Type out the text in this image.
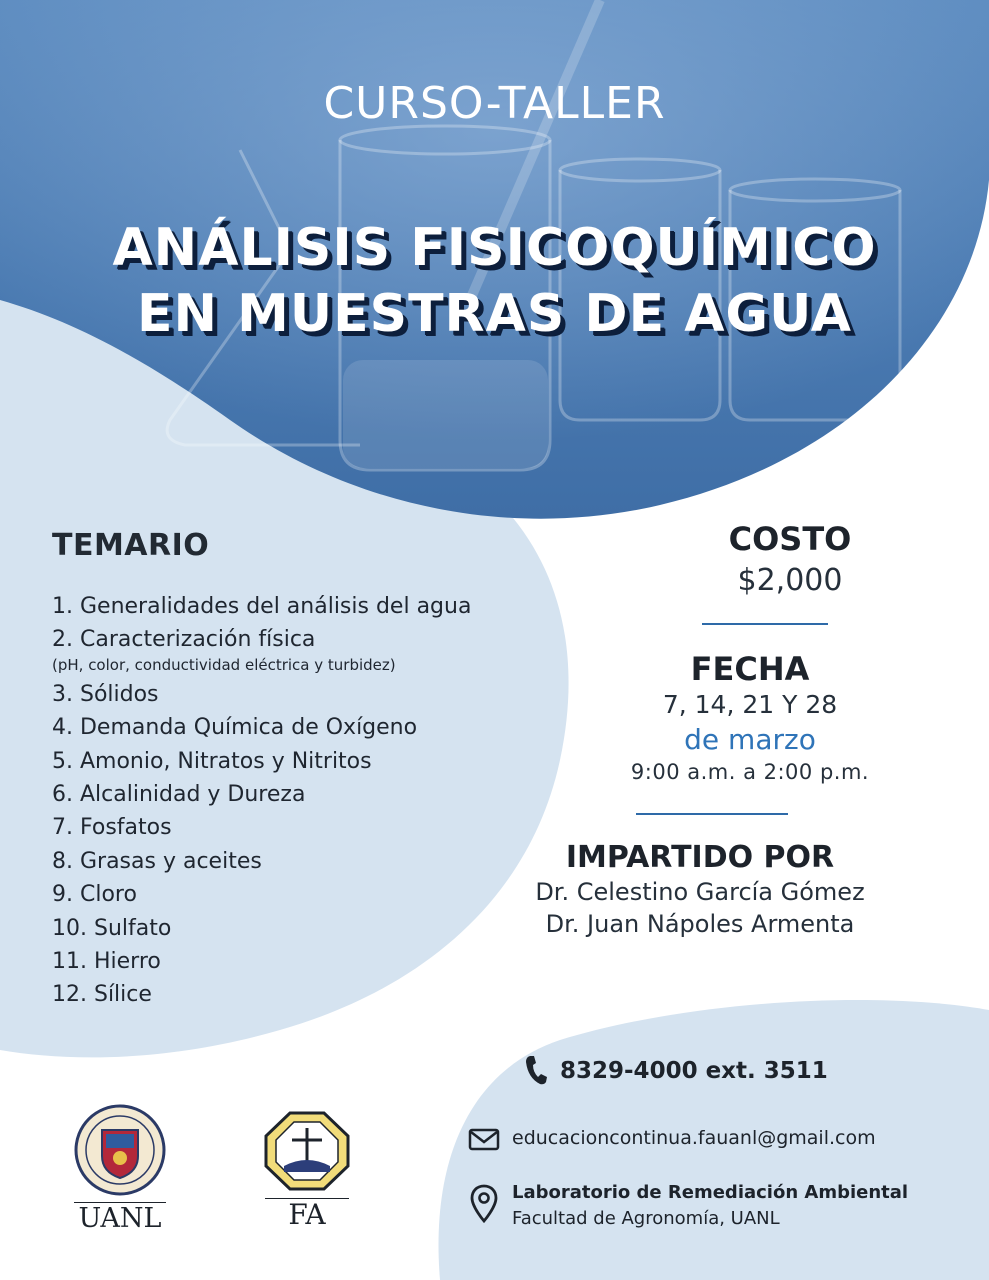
CURSO-TALLER
ANÁLISIS FISICOQUÍMICO
EN MUESTRAS DE AGUA
TEMARIO
1. Generalidades del análisis del agua
2. Caracterización física
(pH, color, conductividad eléctrica y turbidez)
3. Sólidos
4. Demanda Química de Oxígeno
5. Amonio, Nitratos y Nitritos
6. Alcalinidad y Dureza
7. Fosfatos
8. Grasas y aceites
9. Cloro
10. Sulfato
11. Hierro
12. Sílice
COSTO
$2,000
FECHA
7, 14, 21 Y 28
de marzo
9:00 a.m. a 2:00 p.m.
IMPARTIDO POR
Dr. Celestino García Gómez
Dr. Juan Nápoles Armenta
8329-4000 ext. 3511
educacioncontinua.fauanl@gmail.com
Laboratorio de Remediación Ambiental
Facultad de Agronomía, UANL
UANL	FA
